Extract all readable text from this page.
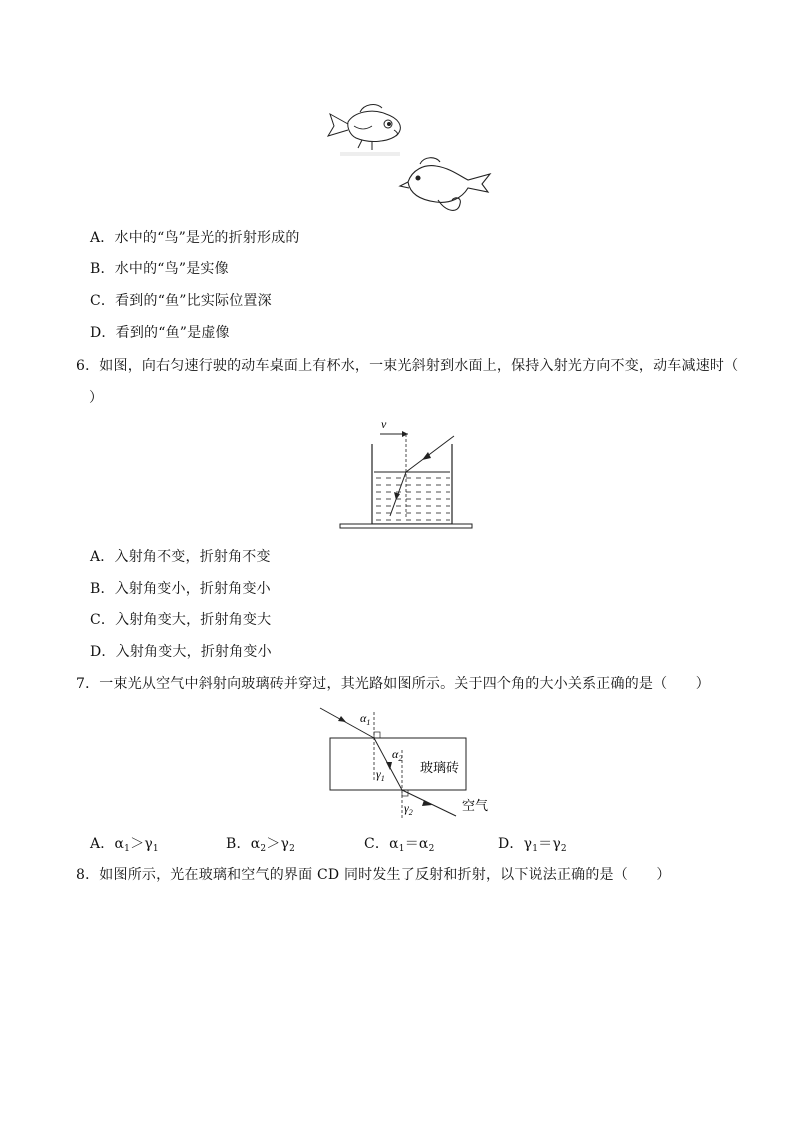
A．水中的“鸟”是光的折射形成的
B．水中的“鸟”是实像
C．看到的“鱼”比实际位置深
D．看到的“鱼”是虚像
6．如图，向右匀速行驶的动车桌面上有杯水，一束光斜射到水面上，保持入射光方向不变，动车减速时（
）
v
A．入射角不变，折射角不变
B．入射角变小，折射角变小
C．入射角变大，折射角变大
D．入射角变大，折射角变小
7．一束光从空气中斜射向玻璃砖并穿过，其光路如图所示。关于四个角的大小关系正确的是（　　）
玻璃砖
$\alpha_1$
$\alpha_2$
$\gamma_1$
$\gamma_2$	空气
A．$\alpha_1>\gamma_1$	B．$\alpha_2>\gamma_2$	C．$\alpha_1=\alpha_2$	D．$\gamma_1=\gamma_2$
8．如图所示，光在玻璃和空气的界面 CD 同时发生了反射和折射，以下说法正确的是（　　）
